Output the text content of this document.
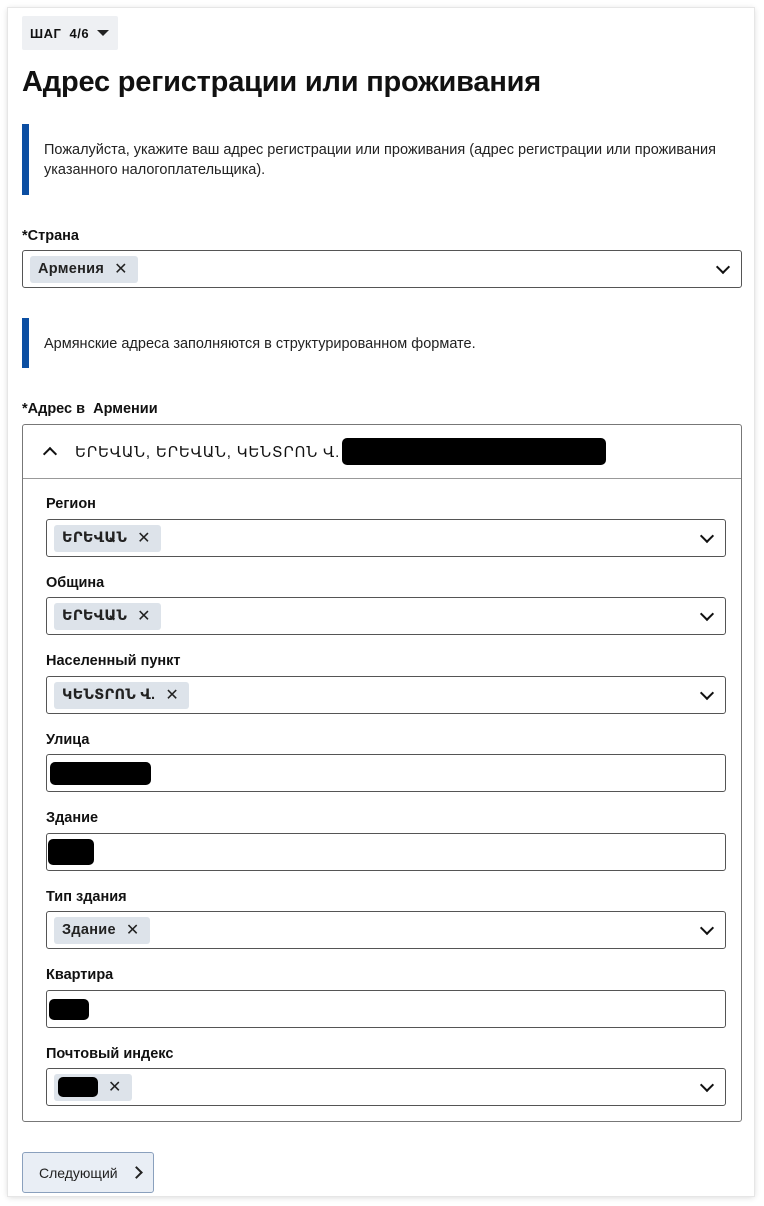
ШАГ  4/6
Адрес регистрации или проживания
Пожалуйста, укажите ваш адрес регистрации или проживания (адрес регистрации или проживания указанного налогоплательщика).
*Страна
Армения ✕
Армянские адреса заполняются в структурированном формате.
*Адрес в  Армении
ԵՐԵՎԱՆ, ԵՐԵՎԱՆ, ԿԵՆՏՐՈՆ Վ.
Регион
ԵՐԵՎԱՆ ✕
Община
ԵՐԵՎԱՆ ✕
Населенный пункт
ԿԵՆՏՐՈՆ Վ. ✕
Улица
Здание
Тип здания
Здание ✕
Квартира
Почтовый индекс
✕
Следующий
